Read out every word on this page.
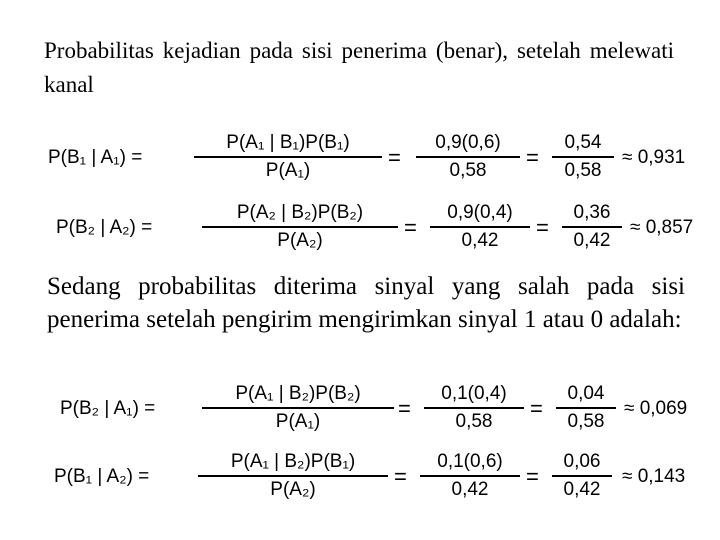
Probabilitas kejadian pada sisi penerima (benar), setelah melewati kanal
P(B₁ | A₁) =
P(A₁ | B₁)P(B₁)
P(A₁)
=
0,9(0,6)
0,58
=
0,54
0,58
≈ 0,931
P(B₂ | A₂) =
P(A₂ | B₂)P(B₂)
P(A₂)
=
0,9(0,4)
0,42
=
0,36
0,42
≈ 0,857
Sedang probabilitas diterima sinyal yang salah pada sisi penerima setelah pengirim mengirimkan sinyal 1 atau 0 adalah:
P(B₂ | A₁) =
P(A₁ | B₂)P(B₂)
P(A₁)
=
0,1(0,4)
0,58
=
0,04
0,58
≈ 0,069
P(B₁ | A₂) =
P(A₁ | B₂)P(B₁)
P(A₂)
=
0,1(0,6)
0,42
=
0,06
0,42
≈ 0,143
